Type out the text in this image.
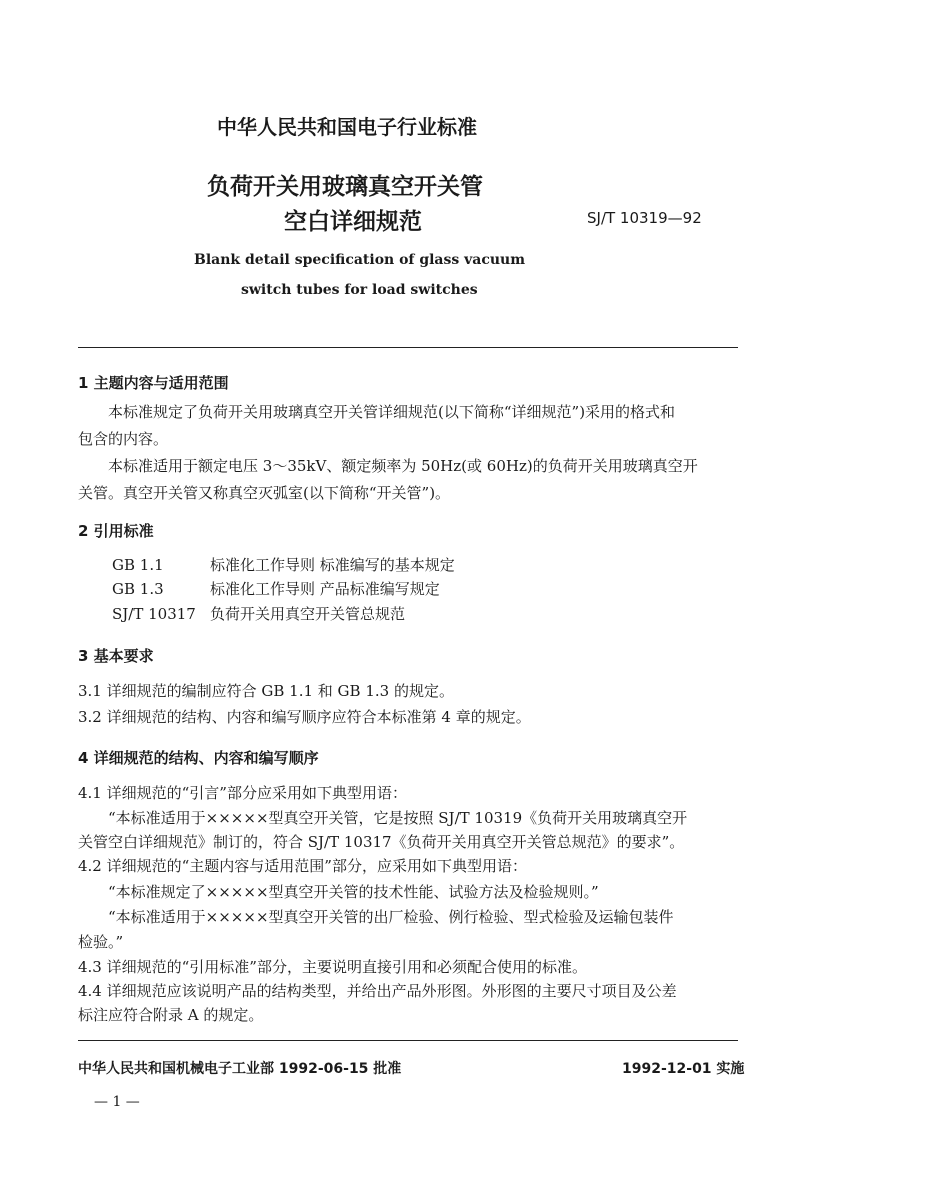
中华人民共和国电子行业标准
负荷开关用玻璃真空开关管
空白详细规范	SJ/T 10319—92
Blank detail specification of glass vacuum
switch tubes for load switches
1 主题内容与适用范围
本标准规定了负荷开关用玻璃真空开关管详细规范(以下简称“详细规范”)采用的格式和
包含的内容。
本标准适用于额定电压 3～35kV、额定频率为 50Hz(或 60Hz)的负荷开关用玻璃真空开
关管。真空开关管又称真空灭弧室(以下简称“开关管”)。
2 引用标准
GB 1.1	标准化工作导则 标准编写的基本规定
GB 1.3	标准化工作导则 产品标准编写规定
SJ/T 10317 负荷开关用真空开关管总规范
3 基本要求
3.1 详细规范的编制应符合 GB 1.1 和 GB 1.3 的规定。
3.2 详细规范的结构、内容和编写顺序应符合本标准第 4 章的规定。
4 详细规范的结构、内容和编写顺序
4.1 详细规范的“引言”部分应采用如下典型用语：
“本标准适用于×××××型真空开关管，它是按照 SJ/T 10319《负荷开关用玻璃真空开
关管空白详细规范》制订的，符合 SJ/T 10317《负荷开关用真空开关管总规范》的要求”。
4.2 详细规范的“主题内容与适用范围”部分，应采用如下典型用语：
“本标准规定了×××××型真空开关管的技术性能、试验方法及检验规则。”
“本标准适用于×××××型真空开关管的出厂检验、例行检验、型式检验及运输包装件
检验。”
4.3 详细规范的“引用标准”部分，主要说明直接引用和必须配合使用的标准。
4.4 详细规范应该说明产品的结构类型，并给出产品外形图。外形图的主要尺寸项目及公差
标注应符合附录 A 的规定。
中华人民共和国机械电子工业部 1992-06-15 批准	1992-12-01 实施
— 1 —
